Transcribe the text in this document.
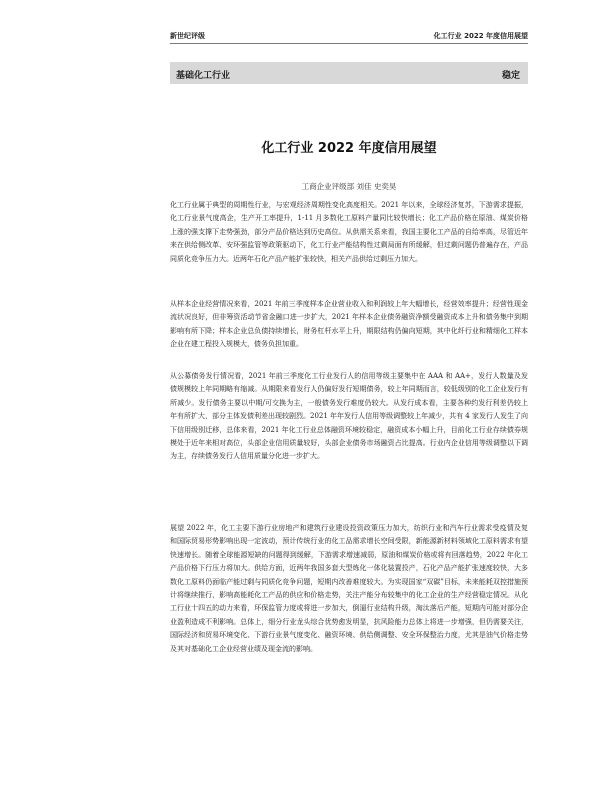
新世纪评级	化工行业 2022 年度信用展望
基础化工行业	稳定
化工行业 2022 年度信用展望
工商企业评级部 刘佳 史奕昊

化工行业属于典型的周期性行业，与宏观经济周期性变化高度相关。2021 年以来，全球经济复苏，下游需求提振，化工行业景气度高企，生产开工率提升，1-11 月多数化工原料产量同比较快增长；化工产品价格在原油、煤炭价格上涨的强支撑下走势强劲，部分产品价格达到历史高位。从供需关系来看，我国主要化工产品的自给率高，尽管近年来在供给侧改革、安环强监管等政策驱动下，化工行业产能结构性过剩局面有所缓解，但过剩问题仍普遍存在，产品同质化竞争压力大。近两年石化产品产能扩张较快，相关产品供给过剩压力加大。

从样本企业经营情况来看，2021 年前三季度样本企业营业收入和利润较上年大幅增长，经营效率提升；经营性现金流状况良好，但非筹资活动节省金融口进一步扩大，2021 年样本企业债务融资净额受融资成本上升和债务集中到期影响有所下降；样本企业总负债持续增长，财务杠杆水平上升，期限结构仍偏向短期，其中化纤行业和精细化工样本企业在建工程投入规模大，债务负担加重。

从公募债务发行情况看，2021 年前三季度化工行业发行人的信用等级主要集中在 AAA 和 AA+，发行人数量及发债规模较上年同期略有缩减。从期限来看发行人仍偏好发行短期债务，较上年同期而言，较低级别的化工企业发行有所减少。发行债务主要以中期/可交换为主，一般债务发行难度仍较大。从发行成本看，主要各种约发行利差仍较上年有所扩大，部分主体发债利差出现较剧烈。2021 年年发行人信用等级调整较上年减少，共有 4 家发行人发生了向下信用级别迁移，总体来看，2021 年化工行业总体融资环境较稳定，融资成本小幅上升，目前化工行业存续债券规模处于近年来相对高位，头部企业信用质量较好，头部企业债务市场融资占比提高。行业内企业信用等级调整以下调为主，存续债务发行人信用质量分化进一步扩大。

展望 2022 年，化工主要下游行业房地产和建筑行业建设投资政策压力加大，纺织行业和汽车行业需求受疫情及复和国际贸易形势影响出现一定波动，预计传统行业的化工品需求增长空间受限，新能源新材料领域化工原料需求有望快速增长。随着全球能源短缺的问题得到缓解，下游需求增速减弱，原油和煤炭价格或将有回落趋势，2022 年化工产品价格下行压力将加大。供给方面，近两年我国多套大型炼化一体化装置投产，石化产品产能扩张速度较快，大多数化工原料仍面临产能过剩与同质化竞争问题，短期内改善难度较大。为实现国家“双碳”目标，未来能耗双控措施预计将继续推行，影响高能耗化工产品的供应和价格走势，关注产能分布较集中的化工企业的生产经营稳定情况。从化工行业十四五的动力来看，环保监管力度或将进一步加大，倒逼行业结构升级，淘汰落后产能，短期内可能对部分企业盈利造成不利影响。总体上，细分行业龙头综合优势愈发明显，抗风险能力总体上将进一步增强，但仍需要关注，国际经济和贸易环境变化、下游行业景气度变化、融资环境、供给侧调整、安全环保整治力度，尤其是油气价格走势及其对基础化工企业经营业绩及现金流的影响。
